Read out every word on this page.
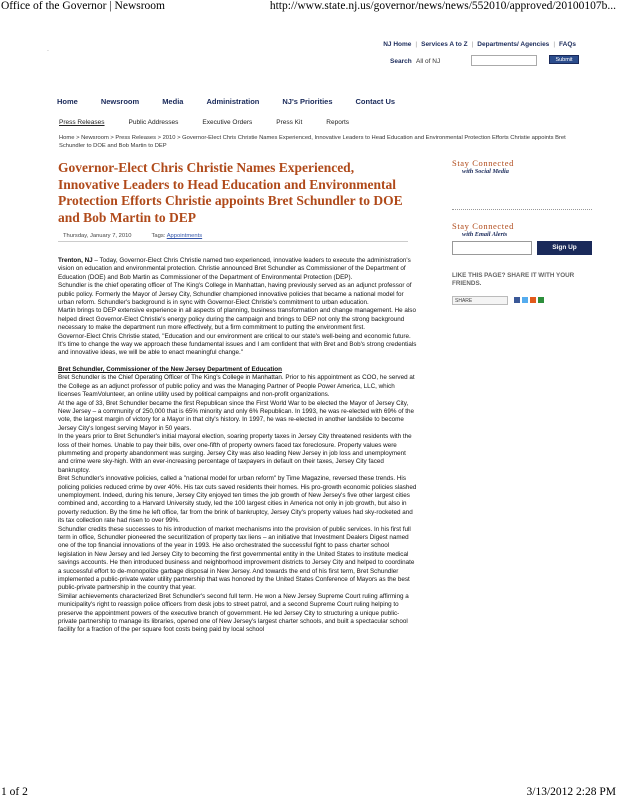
Office of the Governor | Newsroom	http://www.state.nj.us/governor/news/news/552010/approved/20100107b...
.
NJ Home | Services A to Z | Departments/ Agencies | FAQs
Search All of NJ	Submit
Home	Newsroom	Media	Administration	NJ's Priorities	Contact Us
Press Releases	Public Addresses	Executive Orders	Press Kit	Reports
Home > Newsroom > Press Releases > 2010 > Governor-Elect Chris Christie Names Experienced, Innovative Leaders to Head Education and Environmental Protection Efforts Christie appoints Bret Schundler to DOE and Bob Martin to DEP
Governor-Elect Chris Christie Names Experienced, Innovative Leaders to Head Education and Environmental Protection Efforts Christie appoints Bret Schundler to DOE and Bob Martin to DEP
Thursday, January 7, 2010	Tags: Appointments

Trenton, NJ – Today, Governor-Elect Chris Christie named two experienced, innovative leaders to execute the administration's vision on education and environmental protection. Christie announced Bret Schundler as Commissioner of the Department of Education (DOE) and Bob Martin as Commissioner of the Department of Environmental Protection (DEP).

Schundler is the chief operating officer of The King's College in Manhattan, having previously served as an adjunct professor of public policy. Formerly the Mayor of Jersey City, Schundler championed innovative policies that became a national model for urban reform. Schundler's background is in sync with Governor-Elect Christie's commitment to urban education.

Martin brings to DEP extensive experience in all aspects of planning, business transformation and change management. He also helped direct Governor-Elect Christie's energy policy during the campaign and brings to DEP not only the strong background necessary to make the department run more effectively, but a firm commitment to putting the environment first.

Governor-Elect Chris Christie stated, "Education and our environment are critical to our state's well-being and economic future. It's time to change the way we approach these fundamental issues and I am confident that with Bret and Bob's strong credentials and innovative ideas, we will be able to enact meaningful change."

Bret Schundler, Commissioner of the New Jersey Department of Education

Bret Schundler is the Chief Operating Officer of The King's College in Manhattan. Prior to his appointment as COO, he served at the College as an adjunct professor of public policy and was the Managing Partner of People Power America, LLC, which licenses TeamVolunteer, an online utility used by political campaigns and non-profit organizations.

At the age of 33, Bret Schundler became the first Republican since the First World War to be elected the Mayor of Jersey City, New Jersey – a community of 250,000 that is 65% minority and only 6% Republican. In 1993, he was re-elected with 69% of the vote, the largest margin of victory for a Mayor in that city's history. In 1997, he was re-elected in another landslide to become Jersey City's longest serving Mayor in 50 years.

In the years prior to Bret Schundler's initial mayoral election, soaring property taxes in Jersey City threatened residents with the loss of their homes. Unable to pay their bills, over one-fifth of property owners faced tax foreclosure. Property values were plummeting and property abandonment was surging. Jersey City was also leading New Jersey in job loss and unemployment and crime were sky-high. With an ever-increasing percentage of taxpayers in default on their taxes, Jersey City faced bankruptcy.

Bret Schundler's innovative policies, called a "national model for urban reform" by Time Magazine, reversed these trends. His policing policies reduced crime by over 40%. His tax cuts saved residents their homes. His pro-growth economic policies slashed unemployment. Indeed, during his tenure, Jersey City enjoyed ten times the job growth of New Jersey's five other largest cities combined and, according to a Harvard University study, led the 100 largest cities in America not only in job growth, but also in poverty reduction. By the time he left office, far from the brink of bankruptcy, Jersey City's property values had sky-rocketed and its tax collection rate had risen to over 99%.

Schundler credits these successes to his introduction of market mechanisms into the provision of public services. In his first full term in office, Schundler pioneered the securitization of property tax liens – an initiative that Investment Dealers Digest named one of the top financial innovations of the year in 1993. He also orchestrated the successful fight to pass charter school legislation in New Jersey and led Jersey City to becoming the first governmental entity in the United States to institute medical savings accounts. He then introduced business and neighborhood improvement districts to Jersey City and helped to coordinate a successful effort to de-monopolize garbage disposal in New Jersey. And towards the end of his first term, Bret Schundler implemented a public-private water utility partnership that was honored by the United States Conference of Mayors as the best public-private partnership in the country that year.

Similar achievements characterized Bret Schundler's second full term. He won a New Jersey Supreme Court ruling affirming a municipality's right to reassign police officers from desk jobs to street patrol, and a second Supreme Court ruling helping to preserve the appointment powers of the executive branch of government. He led Jersey City to structuring a unique public-private partnership to manage its libraries, opened one of New Jersey's largest charter schools, and built a spectacular school facility for a fraction of the per square foot costs being paid by local school

Stay Connected
with Social Media
Stay Connected
with Email Alerts
Sign Up
LIKE THIS PAGE? SHARE IT WITH YOUR FRIENDS.
SHARE
1 of 2	3/13/2012 2:28 PM
